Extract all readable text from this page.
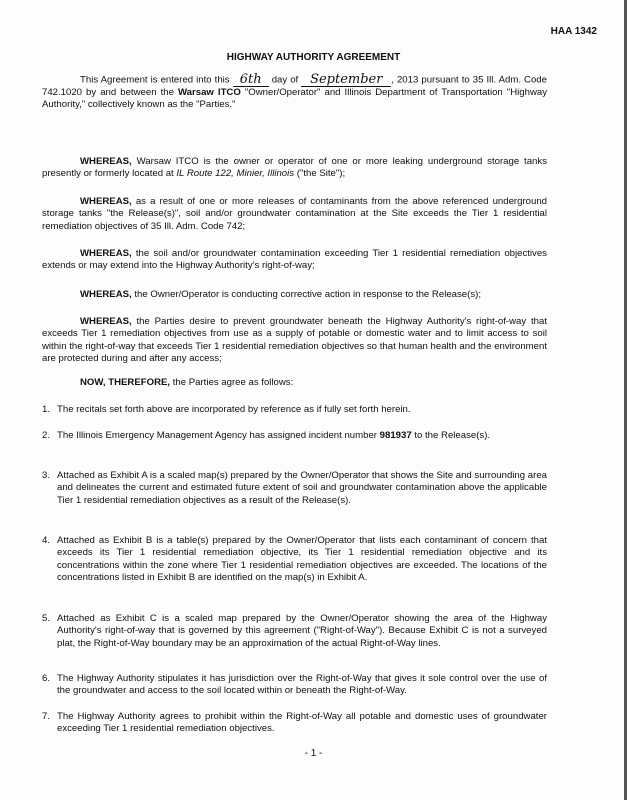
HAA 1342
HIGHWAY AUTHORITY AGREEMENT
This Agreement is entered into this 6th day of September , 2013 pursuant to 35 Ill. Adm. Code 742.1020 by and between the Warsaw ITCO "Owner/Operator" and Illinois Department of Transportation "Highway Authority," collectively known as the "Parties."
WHEREAS, Warsaw ITCO is the owner or operator of one or more leaking underground storage tanks presently or formerly located at IL Route 122, Minier, Illinois ("the Site");
WHEREAS, as a result of one or more releases of contaminants from the above referenced underground storage tanks "the Release(s)", soil and/or groundwater contamination at the Site exceeds the Tier 1 residential remediation objectives of 35 Ill. Adm. Code 742;
WHEREAS, the soil and/or groundwater contamination exceeding Tier 1 residential remediation objectives extends or may extend into the Highway Authority's right-of-way;
WHEREAS, the Owner/Operator is conducting corrective action in response to the Release(s);
WHEREAS, the Parties desire to prevent groundwater beneath the Highway Authority's right-of-way that exceeds Tier 1 remediation objectives from use as a supply of potable or domestic water and to limit access to soil within the right-of-way that exceeds Tier 1 residential remediation objectives so that human health and the environment are protected during and after any access;
NOW, THEREFORE, the Parties agree as follows:
1. The recitals set forth above are incorporated by reference as if fully set forth herein.
2. The Illinois Emergency Management Agency has assigned incident number 981937 to the Release(s).
3. Attached as Exhibit A is a scaled map(s) prepared by the Owner/Operator that shows the Site and surrounding area and delineates the current and estimated future extent of soil and groundwater contamination above the applicable Tier 1 residential remediation objectives as a result of the Release(s).
4. Attached as Exhibit B is a table(s) prepared by the Owner/Operator that lists each contaminant of concern that exceeds its Tier 1 residential remediation objective, its Tier 1 residential remediation objective and its concentrations within the zone where Tier 1 residential remediation objectives are exceeded. The locations of the concentrations listed in Exhibit B are identified on the map(s) in Exhibit A.
5. Attached as Exhibit C is a scaled map prepared by the Owner/Operator showing the area of the Highway Authority's right-of-way that is governed by this agreement ("Right-of-Way"). Because Exhibit C is not a surveyed plat, the Right-of-Way boundary may be an approximation of the actual Right-of-Way lines.
6. The Highway Authority stipulates it has jurisdiction over the Right-of-Way that gives it sole control over the use of the groundwater and access to the soil located within or beneath the Right-of-Way.
7. The Highway Authority agrees to prohibit within the Right-of-Way all potable and domestic uses of groundwater exceeding Tier 1 residential remediation objectives.
- 1 -
